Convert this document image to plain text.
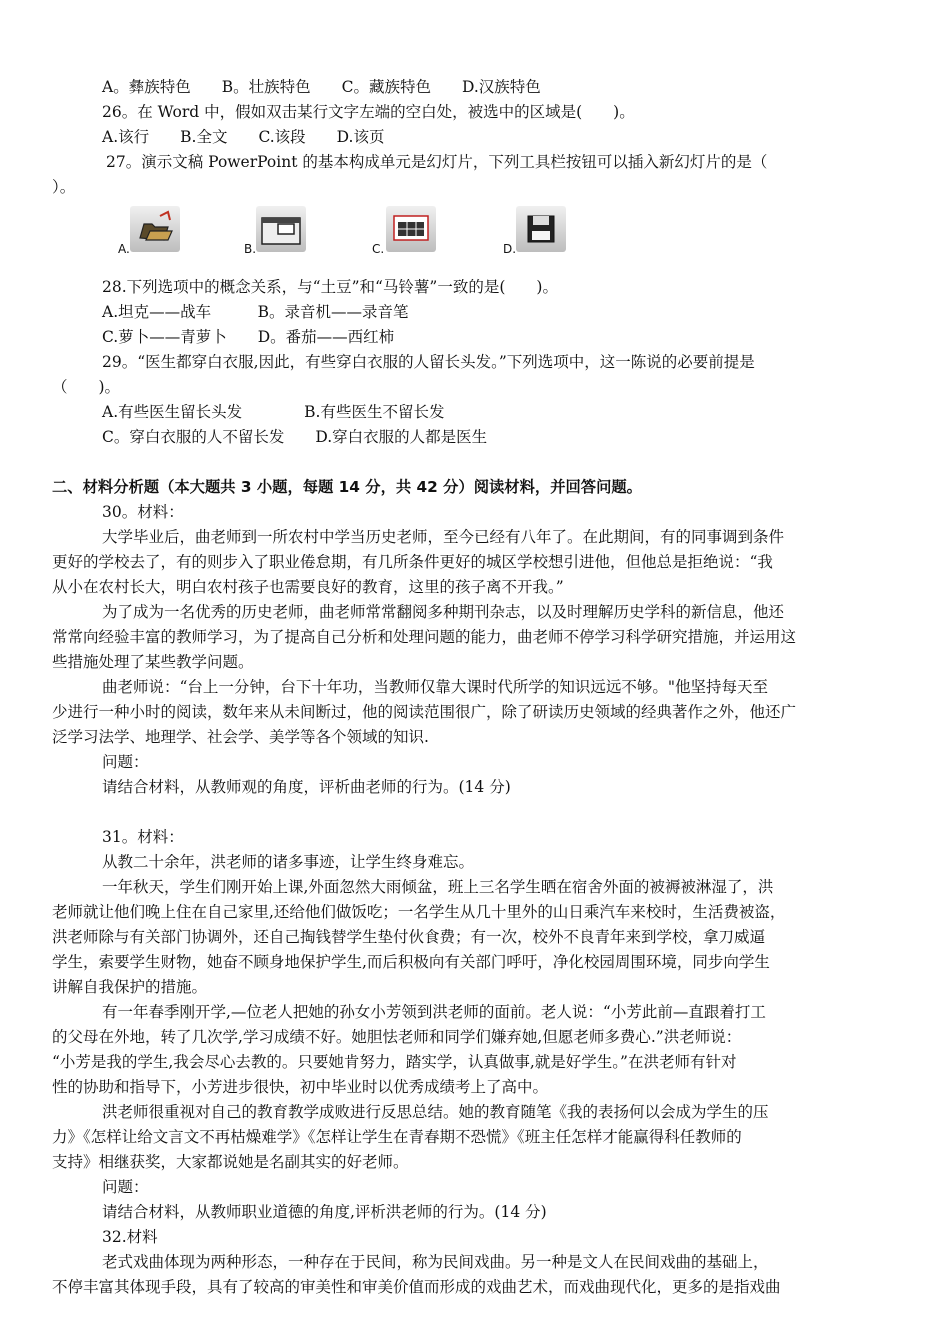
A。彝族特色　　B。壮族特色　　C。藏族特色　　D.汉族特色
26。在 Word 中，假如双击某行文字左端的空白处，被选中的区域是(　　)。
A.该行　　B.全文　　C.该段　　D.该页
27。演示文稿 PowerPoint 的基本构成单元是幻灯片，下列工具栏按钮可以插入新幻灯片的是（
）。
A.	B.	C.	D.
28.下列选项中的概念关系，与“土豆”和“马铃薯”一致的是(　　)。
A.坦克——战车　　　B。录音机——录音笔
C.萝卜——青萝卜　　D。番茄——西红柿
29。“医生都穿白衣服,因此，有些穿白衣服的人留长头发。”下列选项中，这一陈说的必要前提是
（　　)。
A.有些医生留长头发　　　　B.有些医生不留长发
C。穿白衣服的人不留长发　　D.穿白衣服的人都是医生
二、材料分析题（本大题共 3 小题，每题 14 分，共 42 分）阅读材料，并回答问题。
30。材料：
大学毕业后，曲老师到一所农村中学当历史老师，至今已经有八年了。在此期间，有的同事调到条件
更好的学校去了，有的则步入了职业倦怠期，有几所条件更好的城区学校想引进他，但他总是拒绝说：“我
从小在农村长大，明白农村孩子也需要良好的教育，这里的孩子离不开我。”
为了成为一名优秀的历史老师，曲老师常常翻阅多种期刊杂志，以及时理解历史学科的新信息，他还
常常向经验丰富的教师学习，为了提高自己分析和处理问题的能力，曲老师不停学习科学研究措施，并运用这
些措施处理了某些教学问题。
曲老师说：“台上一分钟，台下十年功，当教师仅靠大课时代所学的知识远远不够。"他坚持每天至
少进行一种小时的阅读，数年来从未间断过，他的阅读范围很广，除了研读历史领域的经典著作之外，他还广
泛学习法学、地理学、社会学、美学等各个领域的知识.
问题：
请结合材料，从教师观的角度，评析曲老师的行为。(14 分)
31。材料：
从教二十余年，洪老师的诸多事迹，让学生终身难忘。
一年秋天，学生们刚开始上课,外面忽然大雨倾盆，班上三名学生晒在宿舍外面的被褥被淋湿了，洪
老师就让他们晚上住在自己家里,还给他们做饭吃；一名学生从几十里外的山日乘汽车来校时，生活费被盗，
洪老师除与有关部门协调外，还自己掏钱替学生垫付伙食费；有一次，校外不良青年来到学校，拿刀威逼
学生，索要学生财物，她奋不顾身地保护学生,而后积极向有关部门呼吁，净化校园周围环境，同步向学生
讲解自我保护的措施。
有一年春季刚开学,—位老人把她的孙女小芳领到洪老师的面前。老人说：“小芳此前—直跟着打工
的父母在外地，转了几次学,学习成绩不好。她胆怯老师和同学们嫌弃她,但愿老师多费心.”洪老师说：
“小芳是我的学生,我会尽心去教的。只要她肯努力，踏实学，认真做事,就是好学生。”在洪老师有针对
性的协助和指导下，小芳进步很快，初中毕业时以优秀成绩考上了高中。
洪老师很重视对自己的教育教学成败进行反思总结。她的教育随笔《我的表扬何以会成为学生的压
力》《怎样让给文言文不再枯燥难学》《怎样让学生在青春期不恐慌》《班主任怎样才能赢得科任教师的
支持》相继获奖，大家都说她是名副其实的好老师。
问题：
请结合材料，从教师职业道德的角度,评析洪老师的行为。(14 分)
32.材料
老式戏曲体现为两种形态，一种存在于民间，称为民间戏曲。另一种是文人在民间戏曲的基础上，
不停丰富其体现手段，具有了较高的审美性和审美价值而形成的戏曲艺术，而戏曲现代化，更多的是指戏曲
